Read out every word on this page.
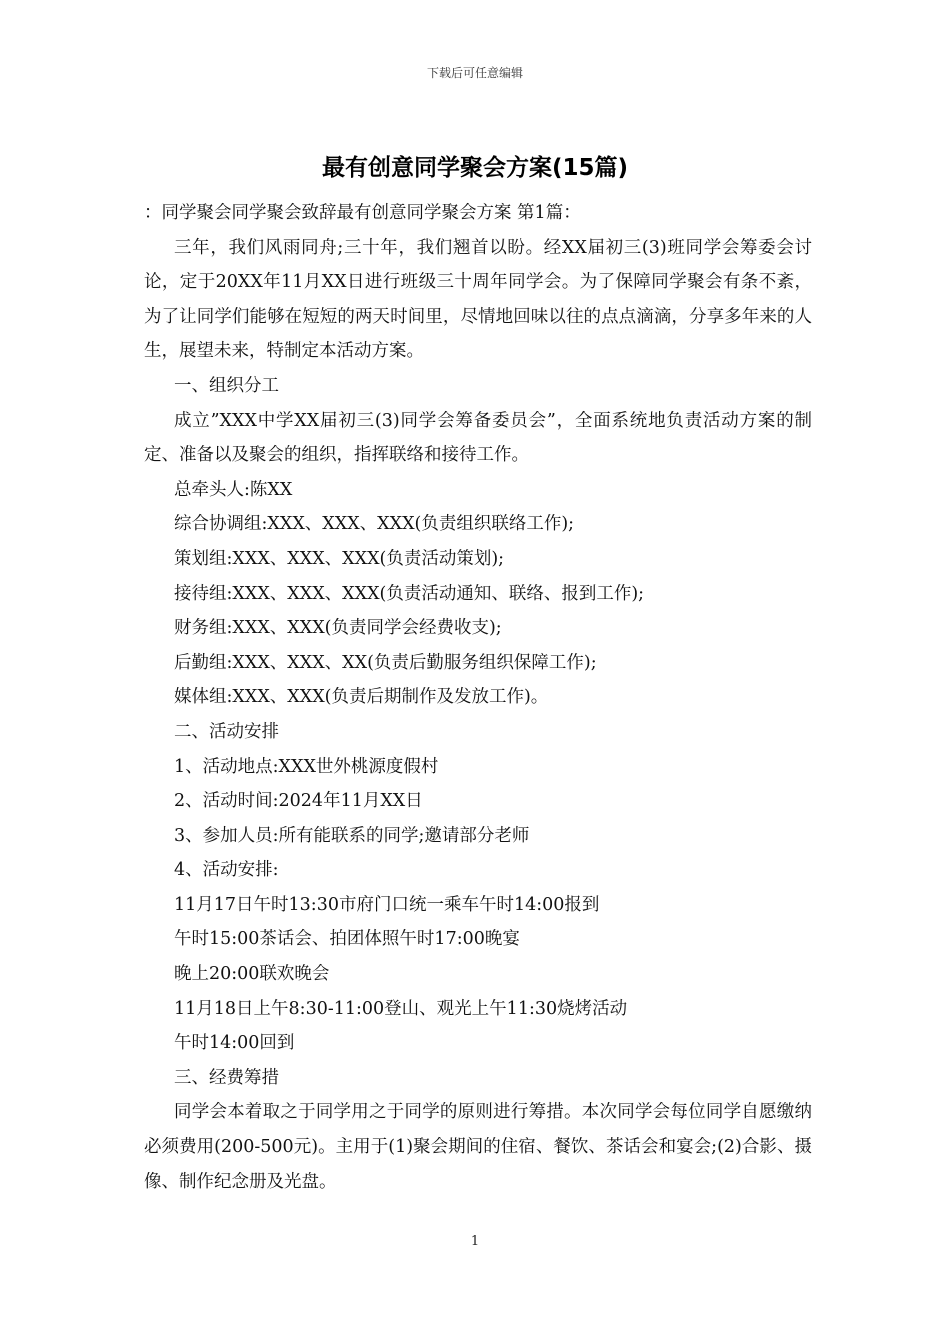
下载后可任意编辑
最有创意同学聚会方案(15篇)

：同学聚会同学聚会致辞最有创意同学聚会方案 第1篇：

三年，我们风雨同舟;三十年，我们翘首以盼。经XX届初三(3)班同学会筹委会讨论，定于20XX年11月XX日进行班级三十周年同学会。为了保障同学聚会有条不紊，为了让同学们能够在短短的两天时间里，尽情地回味以往的点点滴滴，分享多年来的人生，展望未来，特制定本活动方案。

一、组织分工

成立”XXX中学XX届初三(3)同学会筹备委员会”，全面系统地负责活动方案的制定、准备以及聚会的组织，指挥联络和接待工作。

总牵头人:陈XX

综合协调组:XXX、XXX、XXX(负责组织联络工作);

策划组:XXX、XXX、XXX(负责活动策划);

接待组:XXX、XXX、XXX(负责活动通知、联络、报到工作);

财务组:XXX、XXX(负责同学会经费收支);

后勤组:XXX、XXX、XX(负责后勤服务组织保障工作);

媒体组:XXX、XXX(负责后期制作及发放工作)。

二、活动安排

1、活动地点:XXX世外桃源度假村

2、活动时间:2024年11月XX日

3、参加人员:所有能联系的同学;邀请部分老师

4、活动安排:

11月17日午时13:30市府门口统一乘车午时14:00报到

午时15:00茶话会、拍团体照午时17:00晚宴

晚上20:00联欢晚会

11月18日上午8:30-11:00登山、观光上午11:30烧烤活动

午时14:00回到

三、经费筹措

同学会本着取之于同学用之于同学的原则进行筹措。本次同学会每位同学自愿缴纳必须费用(200-500元)。主用于(1)聚会期间的住宿、餐饮、茶话会和宴会;(2)合影、摄像、制作纪念册及光盘。

1
